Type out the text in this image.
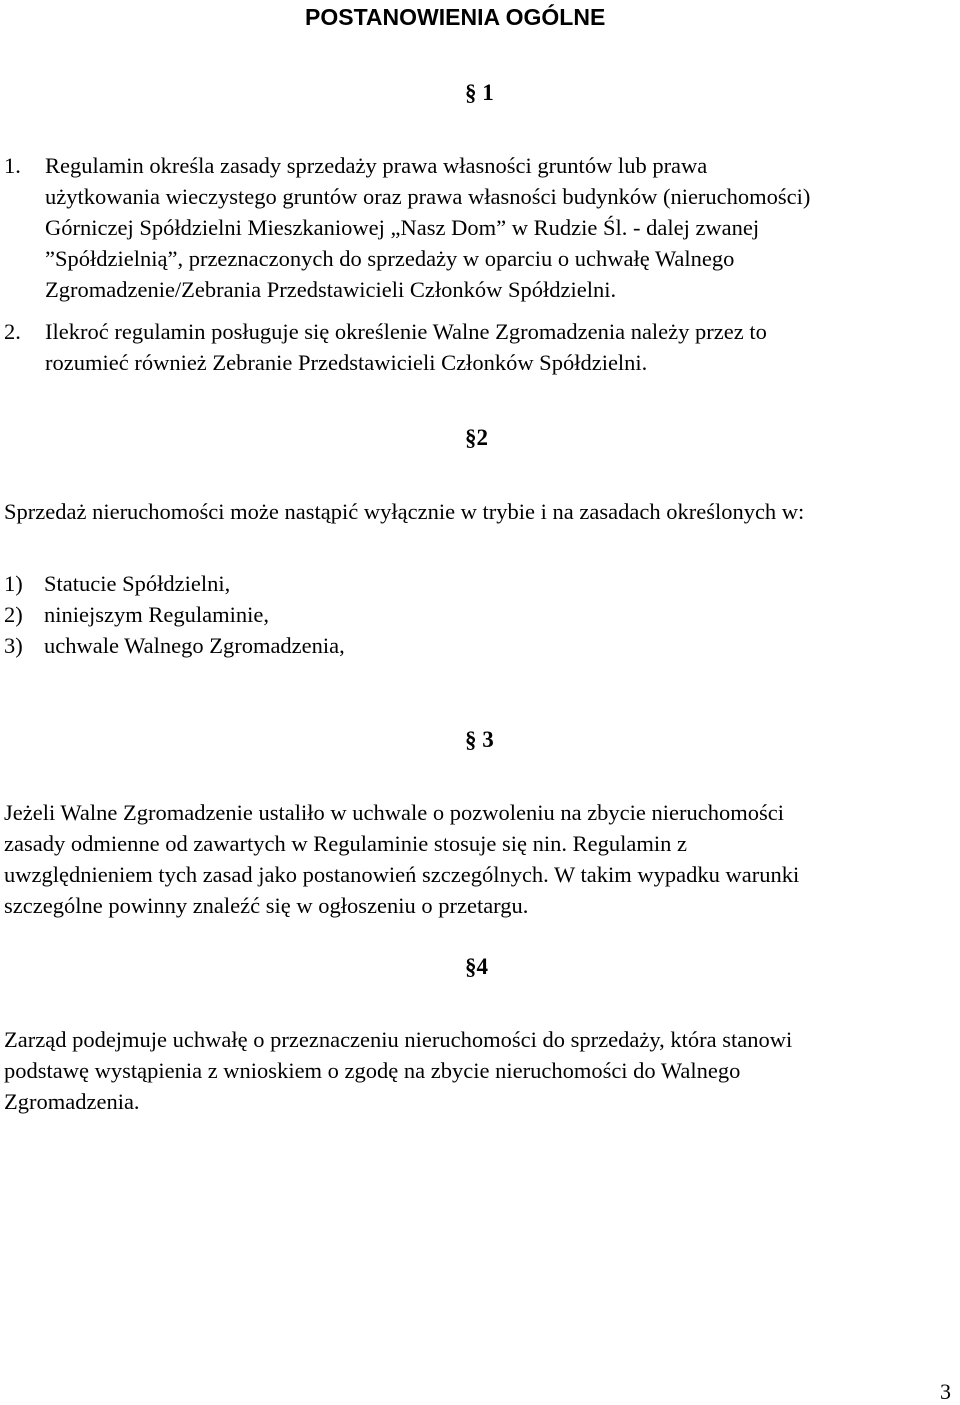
POSTANOWIENIA OGÓLNE
§ 1
1.	Regulamin określa zasady sprzedaży prawa własności gruntów lub prawa
użytkowania wieczystego gruntów oraz prawa własności budynków (nieruchomości)
Górniczej Spółdzielni Mieszkaniowej „Nasz Dom” w Rudzie Śl. - dalej zwanej
”Spółdzielnią”, przeznaczonych do sprzedaży w oparciu o uchwałę Walnego
Zgromadzenie/Zebrania Przedstawicieli Członków Spółdzielni.
2.	Ilekroć regulamin posługuje się określenie Walne Zgromadzenia należy przez to
rozumieć również Zebranie Przedstawicieli Członków Spółdzielni.
§2

Sprzedaż nieruchomości może nastąpić wyłącznie w trybie i na zasadach określonych w:

1) Statucie Spółdzielni,
2) niniejszym Regulaminie,
3) uchwale Walnego Zgromadzenia,
§ 3
Jeżeli Walne Zgromadzenie ustaliło w uchwale o pozwoleniu na zbycie nieruchomości
zasady odmienne od zawartych w Regulaminie stosuje się nin. Regulamin z
uwzględnieniem tych zasad jako postanowień szczególnych. W takim wypadku warunki
szczególne powinny znaleźć się w ogłoszeniu o przetargu.
§4
Zarząd podejmuje uchwałę o przeznaczeniu nieruchomości do sprzedaży, która stanowi
podstawę wystąpienia z wnioskiem o zgodę na zbycie nieruchomości do Walnego
Zgromadzenia.
3
